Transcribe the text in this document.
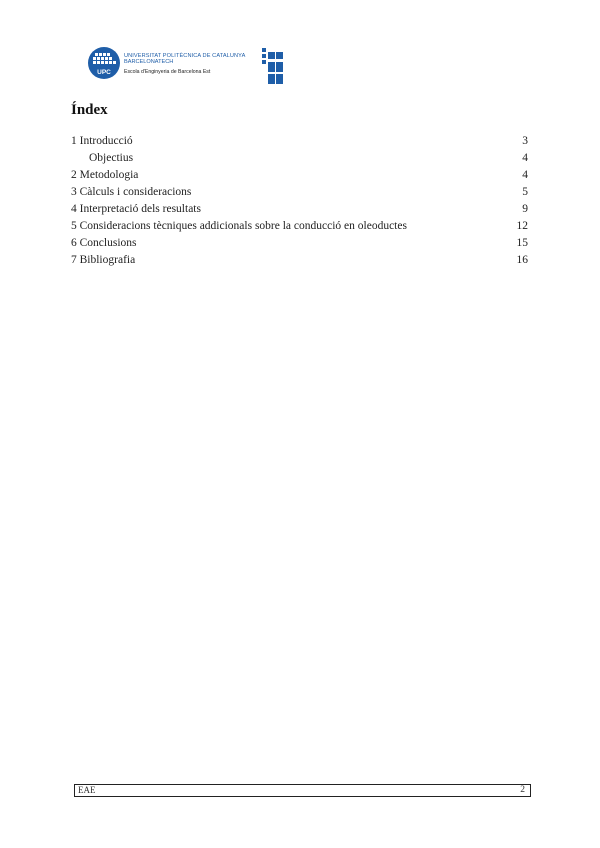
UPC
UNIVERSITAT POLITÈCNICA DE CATALUNYA
BARCELONATECH
Escola d'Enginyeria de Barcelona Est
Índex
1 Introducció	3
Objectius	4
2 Metodologia	4
3 Càlculs i consideracions	5
4 Interpretació dels resultats	9
5 Consideracions tècniques addicionals sobre la conducció en oleoductes	12
6 Conclusions	15
7 Bibliografia	16
EAE	2
